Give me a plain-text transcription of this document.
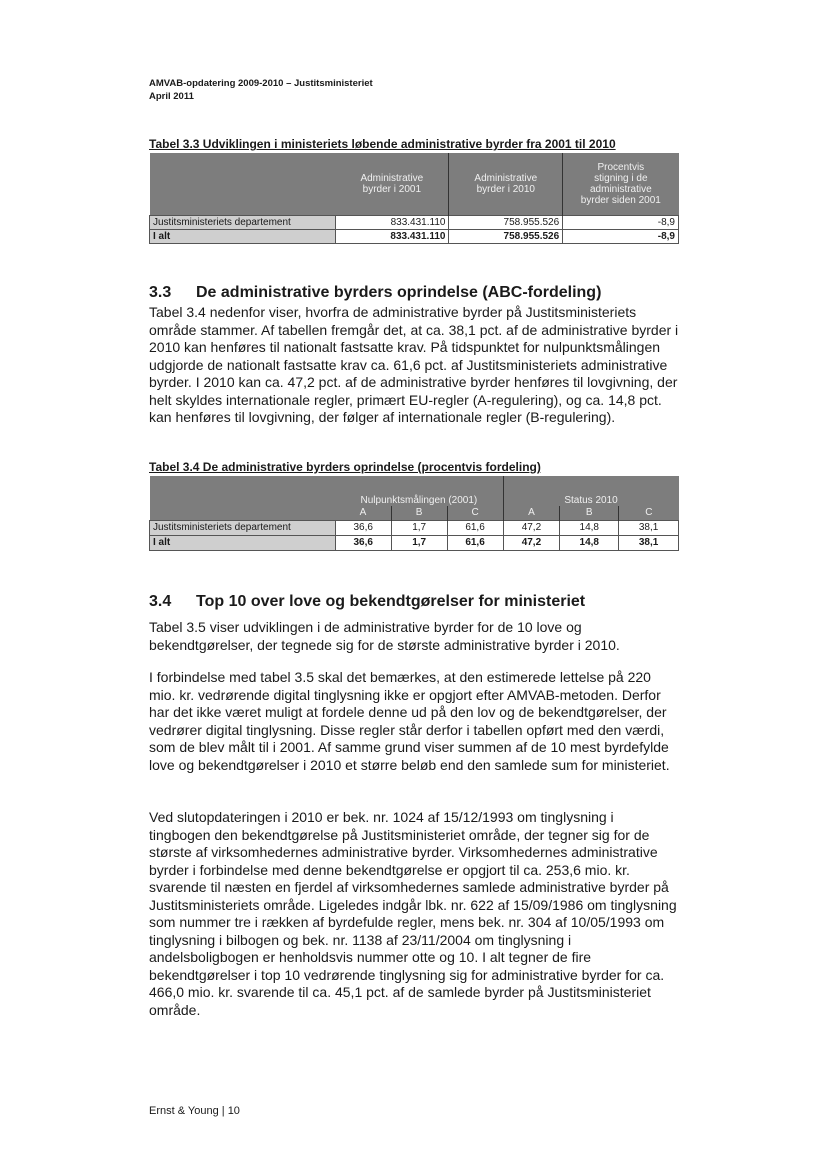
AMVAB-opdatering 2009-2010 – Justitsministeriet
April 2011
Tabel 3.3 Udviklingen i ministeriets løbende administrative byrder fra 2001 til 2010
	Administrative
byrder i 2001	Administrative
byrder i 2010	Procentvis
stigning i de
administrative
byrder siden 2001
Justitsministeriets departement	833.431.110	758.955.526	-8,9
I alt	833.431.110	758.955.526	-8,9
3.3 De administrative byrders oprindelse (ABC-fordeling)

Tabel 3.4 nedenfor viser, hvorfra de administrative byrder på Justitsministeriets område stammer. Af tabellen fremgår det, at ca. 38,1 pct. af de administrative byrder i 2010 kan henføres til nationalt fastsatte krav. På tidspunktet for nulpunktsmålingen udgjorde de nationalt fastsatte krav ca. 61,6 pct. af Justitsministeriets administrative byrder. I 2010 kan ca. 47,2 pct. af de administrative byrder henføres til lovgivning, der helt skyldes internationale regler, primært EU-regler (A-regulering), og ca. 14,8 pct. kan henføres til lovgivning, der følger af internationale regler (B-regulering).

Tabel 3.4 De administrative byrders oprindelse (procentvis fordeling)
	Nulpunktsmålingen (2001)			Status 2010		
	A	B	C	A	B	C
Justitsministeriets departement	36,6	1,7	61,6	47,2	14,8	38,1
I alt	36,6	1,7	61,6	47,2	14,8	38,1
3.4 Top 10 over love og bekendtgørelser for ministeriet

Tabel 3.5 viser udviklingen i de administrative byrder for de 10 love og bekendtgørelser, der tegnede sig for de største administrative byrder i 2010.

I forbindelse med tabel 3.5 skal det bemærkes, at den estimerede lettelse på 220 mio. kr. vedrørende digital tinglysning ikke er opgjort efter AMVAB-metoden. Derfor har det ikke været muligt at fordele denne ud på den lov og de bekendtgørelser, der vedrører digital tinglysning. Disse regler står derfor i tabellen opført med den værdi, som de blev målt til i 2001. Af samme grund viser summen af de 10 mest byrdefylde love og bekendtgørelser i 2010 et større beløb end den samlede sum for ministeriet.

Ved slutopdateringen i 2010 er bek. nr. 1024 af 15/12/1993 om tinglysning i tingbogen den bekendtgørelse på Justitsministeriet område, der tegner sig for de største af virksomhedernes administrative byrder. Virksomhedernes administrative byrder i forbindelse med denne bekendtgørelse er opgjort til ca. 253,6 mio. kr. svarende til næsten en fjerdel af virksomhedernes samlede administrative byrder på Justitsministeriets område. Ligeledes indgår lbk. nr. 622 af 15/09/1986 om tinglysning som nummer tre i rækken af byrdefulde regler, mens bek. nr. 304 af 10/05/1993 om tinglysning i bilbogen og bek. nr. 1138 af 23/11/2004 om tinglysning i andelsboligbogen er henholdsvis nummer otte og 10. I alt tegner de fire bekendtgørelser i top 10 vedrørende tinglysning sig for administrative byrder for ca. 466,0 mio. kr. svarende til ca. 45,1 pct. af de samlede byrder på Justitsministeriet område.

Ernst & Young | 10
